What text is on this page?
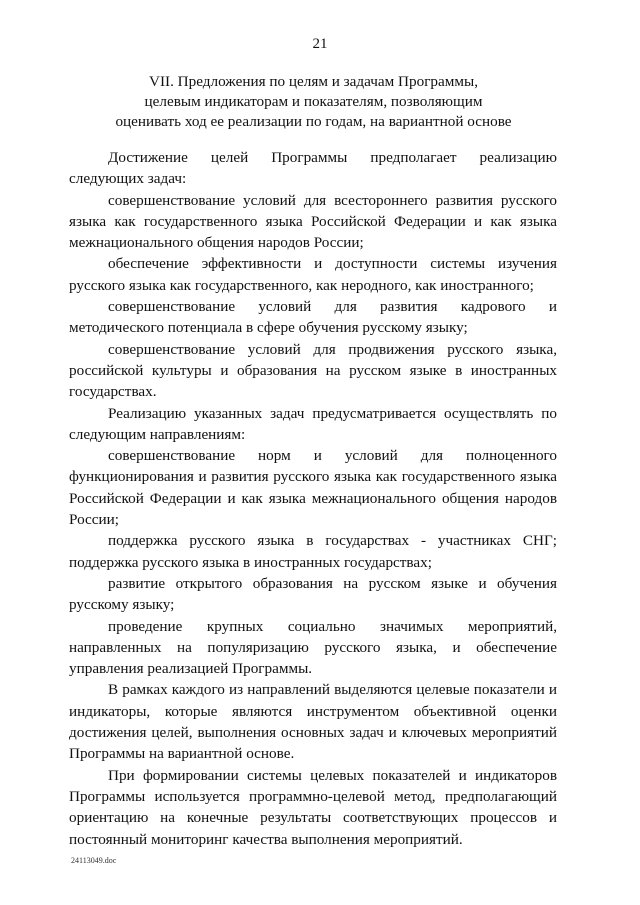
21
VII. Предложения по целям и задачам Программы,
целевым индикаторам и показателям, позволяющим
оценивать ход ее реализации по годам, на вариантной основе

Достижение целей Программы предполагает реализацию следующих задач:

совершенствование условий для всестороннего развития русского языка как государственного языка Российской Федерации и как языка межнационального общения народов России;

обеспечение эффективности и доступности системы изучения русского языка как государственного, как неродного, как иностранного;

совершенствование условий для развития кадрового и методического потенциала в сфере обучения русскому языку;

совершенствование условий для продвижения русского языка, российской культуры и образования на русском языке в иностранных государствах.

Реализацию указанных задач предусматривается осуществлять по следующим направлениям:

совершенствование норм и условий для полноценного функционирования и развития русского языка как государственного языка Российской Федерации и как языка межнационального общения народов России;

поддержка русского языка в государствах - участниках СНГ; поддержка русского языка в иностранных государствах;

развитие открытого образования на русском языке и обучения русскому языку;

проведение крупных социально значимых мероприятий, направленных на популяризацию русского языка, и обеспечение управления реализацией Программы.

В рамках каждого из направлений выделяются целевые показатели и индикаторы, которые являются инструментом объективной оценки достижения целей, выполнения основных задач и ключевых мероприятий Программы на вариантной основе.

При формировании системы целевых показателей и индикаторов Программы используется программно-целевой метод, предполагающий ориентацию на конечные результаты соответствующих процессов и постоянный мониторинг качества выполнения мероприятий.

24113049.doc
